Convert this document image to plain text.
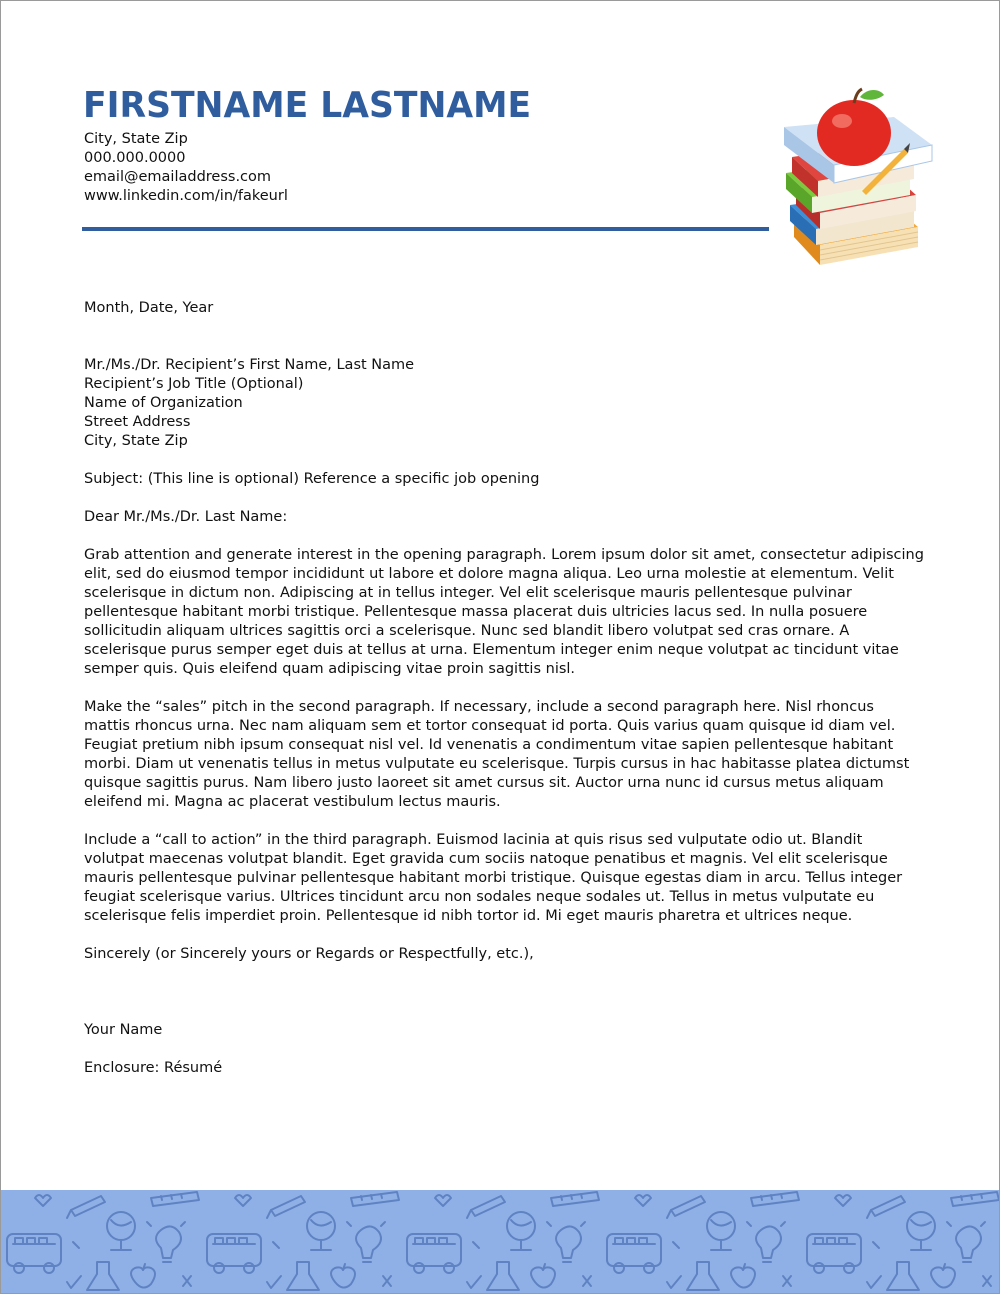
FIRSTNAME LASTNAME
City, State Zip
000.000.0000
email@emailaddress.com
www.linkedin.com/in/fakeurl

Month, Date, Year

Mr./Ms./Dr. Recipient’s First Name, Last Name

Recipient’s Job Title (Optional)

Name of Organization

Street Address

City, State Zip

Subject: (This line is optional) Reference a specific job opening

Dear Mr./Ms./Dr. Last Name:

Grab attention and generate interest in the opening paragraph. Lorem ipsum dolor sit amet, consectetur adipiscing elit, sed do eiusmod tempor incididunt ut labore et dolore magna aliqua. Leo urna molestie at elementum. Velit scelerisque in dictum non. Adipiscing at in tellus integer. Vel elit scelerisque mauris pellentesque pulvinar pellentesque habitant morbi tristique. Pellentesque massa placerat duis ultricies lacus sed. In nulla posuere sollicitudin aliquam ultrices sagittis orci a scelerisque. Nunc sed blandit libero volutpat sed cras ornare. A scelerisque purus semper eget duis at tellus at urna. Elementum integer enim neque volutpat ac tincidunt vitae semper quis. Quis eleifend quam adipiscing vitae proin sagittis nisl.

Make the “sales” pitch in the second paragraph. If necessary, include a second paragraph here. Nisl rhoncus mattis rhoncus urna. Nec nam aliquam sem et tortor consequat id porta. Quis varius quam quisque id diam vel. Feugiat pretium nibh ipsum consequat nisl vel. Id venenatis a condimentum vitae sapien pellentesque habitant morbi. Diam ut venenatis tellus in metus vulputate eu scelerisque. Turpis cursus in hac habitasse platea dictumst quisque sagittis purus. Nam libero justo laoreet sit amet cursus sit. Auctor urna nunc id cursus metus aliquam eleifend mi. Magna ac placerat vestibulum lectus mauris.

Include a “call to action” in the third paragraph. Euismod lacinia at quis risus sed vulputate odio ut. Blandit volutpat maecenas volutpat blandit. Eget gravida cum sociis natoque penatibus et magnis. Vel elit scelerisque mauris pellentesque pulvinar pellentesque habitant morbi tristique. Quisque egestas diam in arcu. Tellus integer feugiat scelerisque varius. Ultrices tincidunt arcu non sodales neque sodales ut. Tellus in metus vulputate eu scelerisque felis imperdiet proin. Pellentesque id nibh tortor id. Mi eget mauris pharetra et ultrices neque.

Sincerely (or Sincerely yours or Regards or Respectfully, etc.),

Your Name

Enclosure: Résumé
